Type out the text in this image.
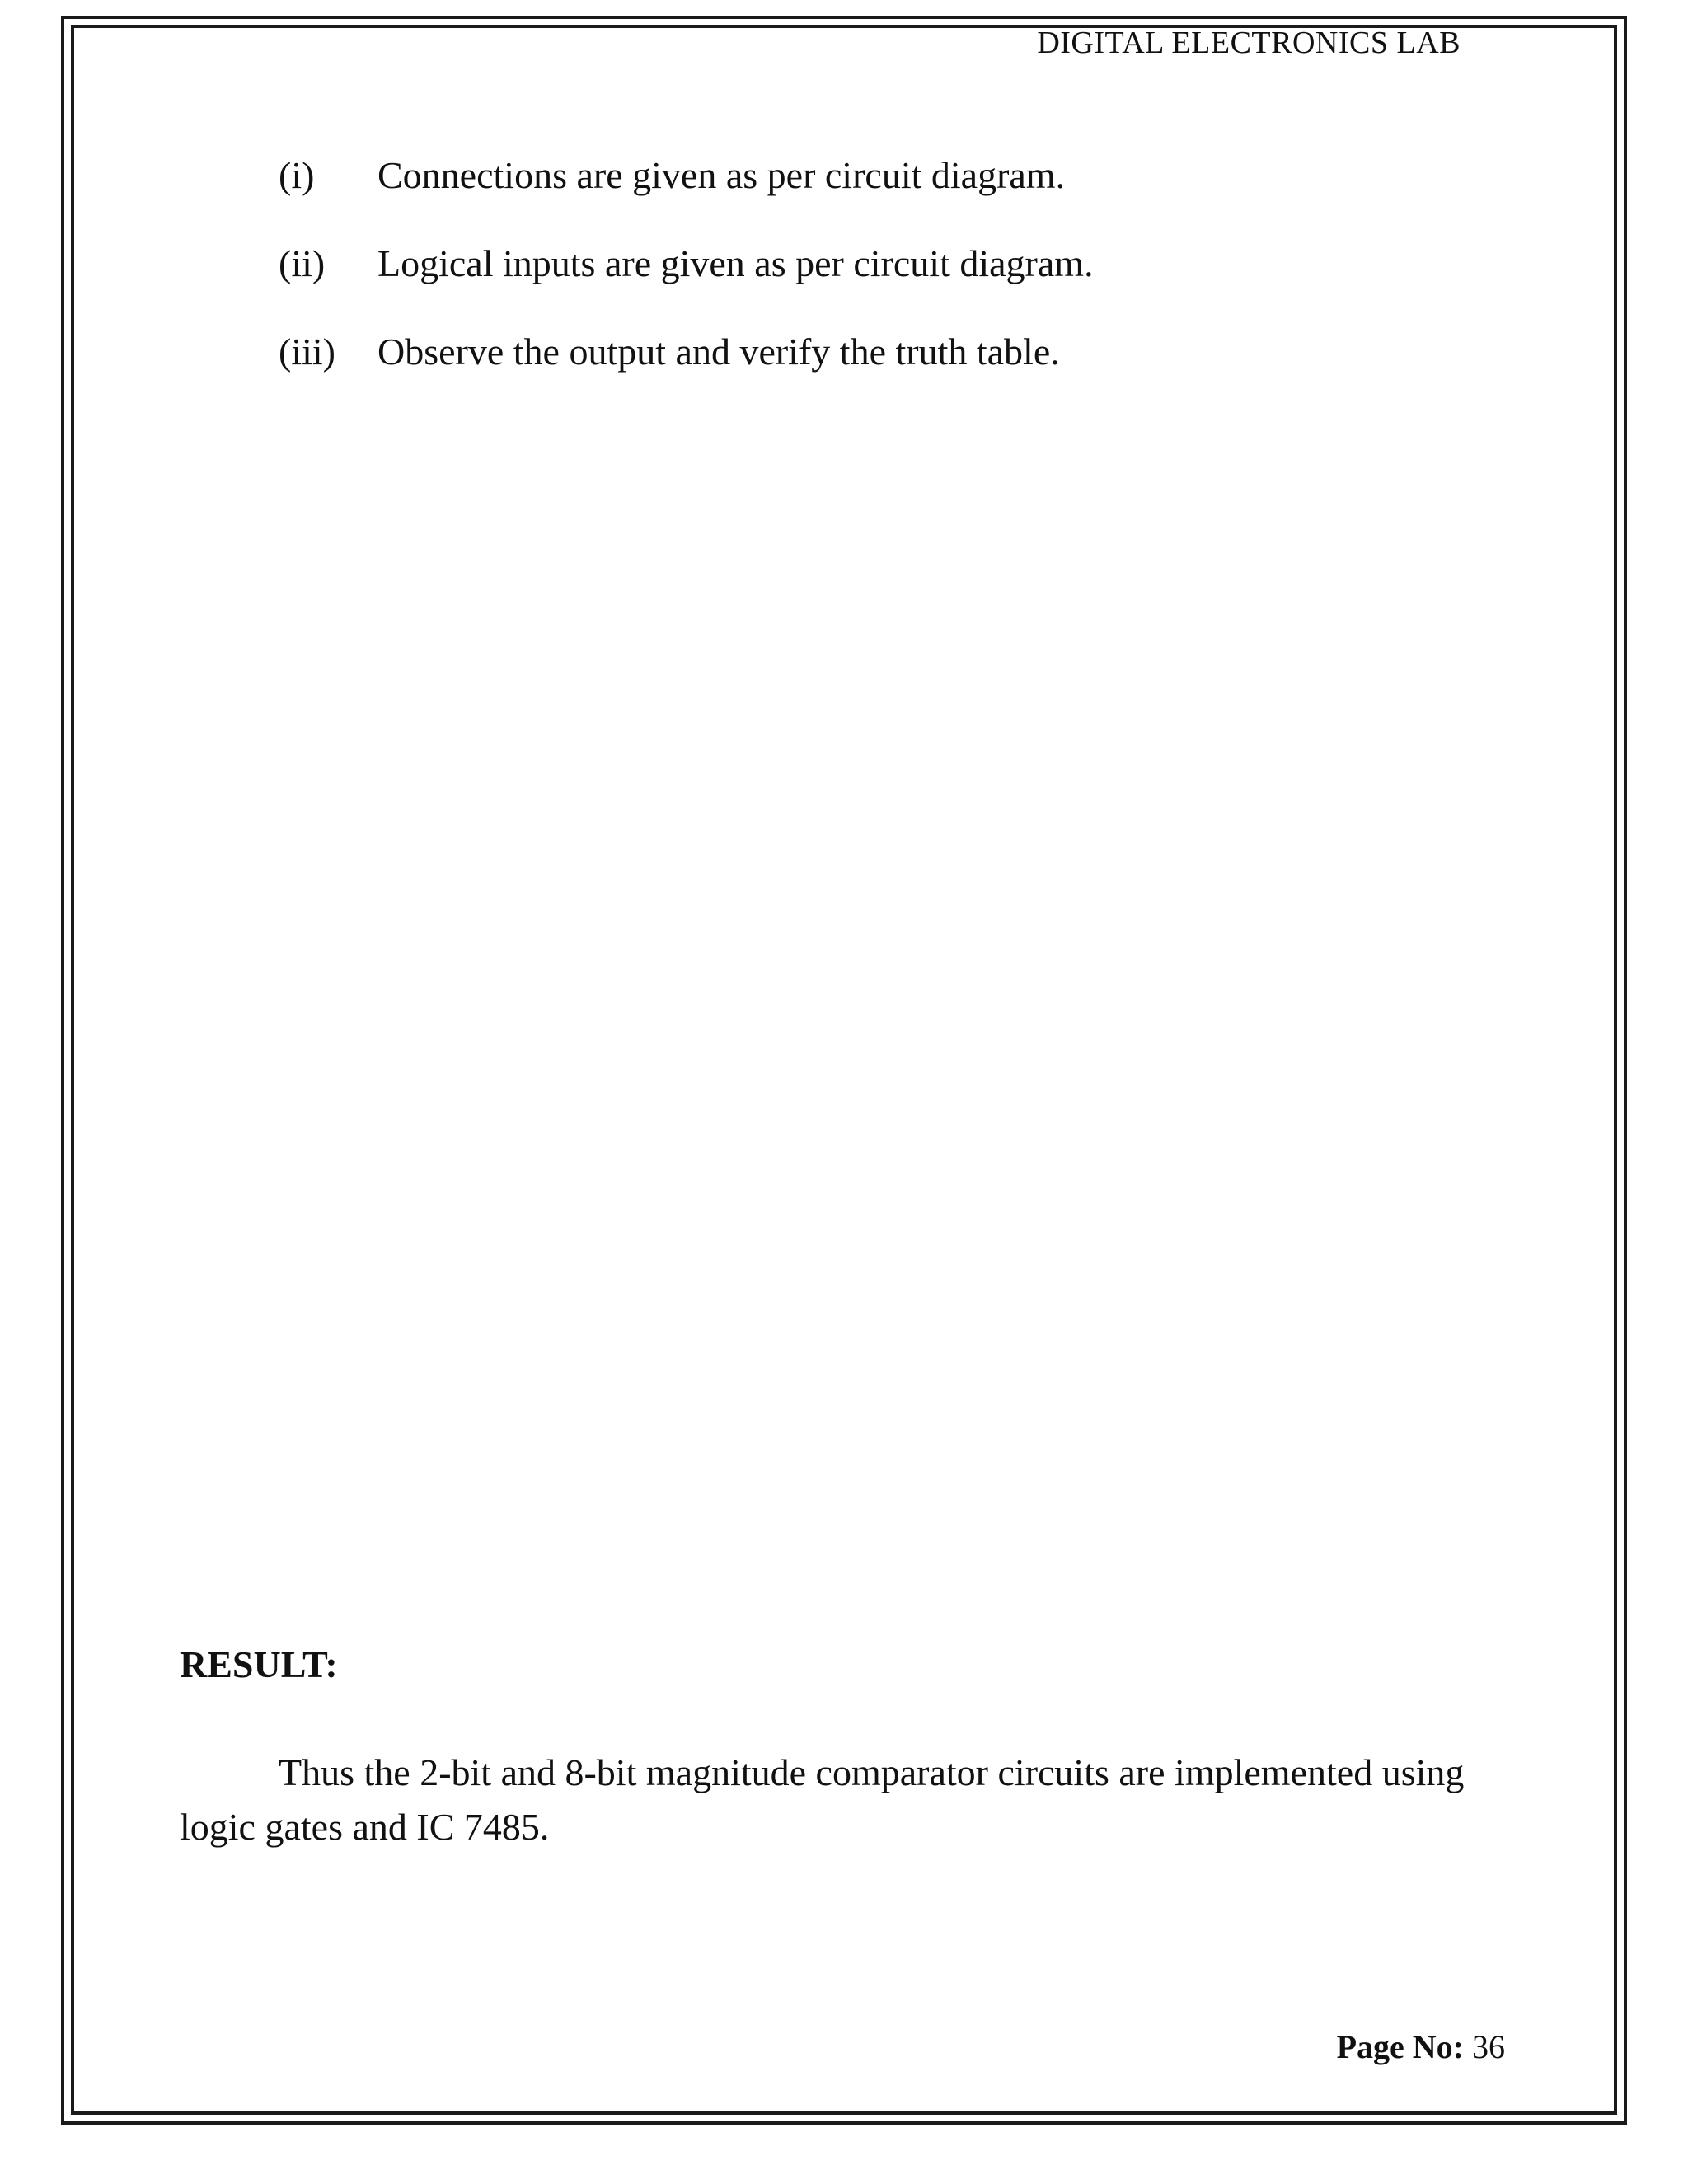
DIGITAL ELECTRONICS LAB
(i)	Connections are given as per circuit diagram.
(ii)	Logical inputs are given as per circuit diagram.
(iii)	Observe the output and verify the truth table.
RESULT:

Thus the 2-bit and 8-bit magnitude comparator circuits are implemented using logic gates and IC 7485.

Page No: 36
